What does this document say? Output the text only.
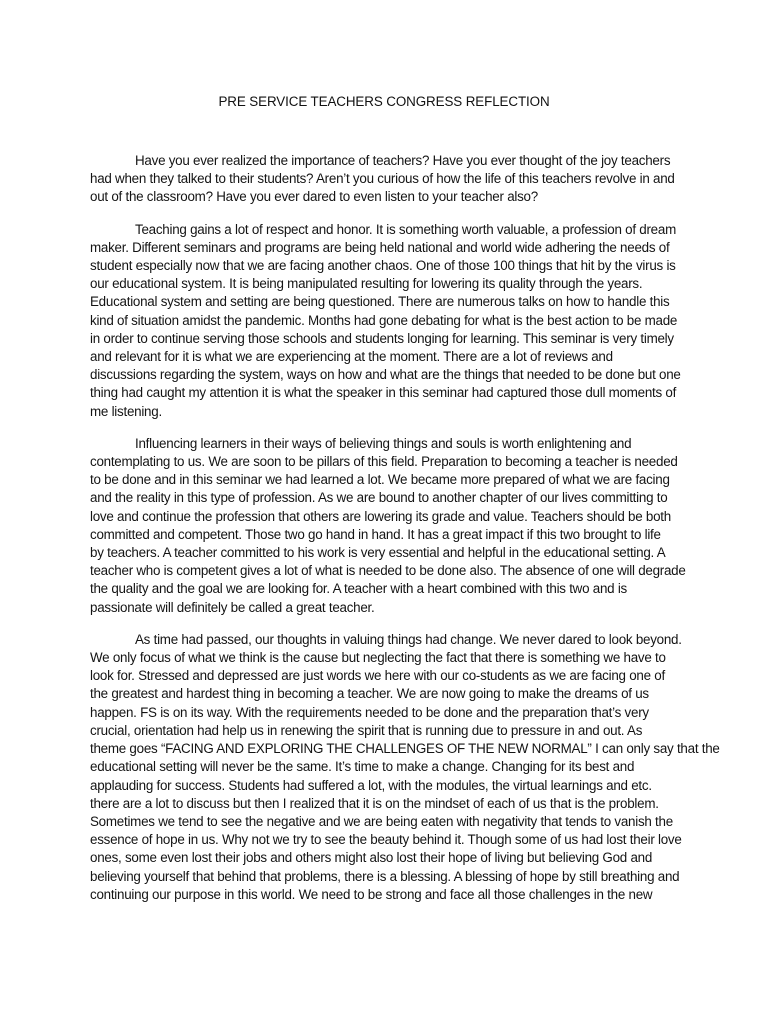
PRE SERVICE TEACHERS CONGRESS REFLECTION

Have you ever realized the importance of teachers? Have you ever thought of the joy teachers
had when they talked to their students? Aren’t you curious of how the life of this teachers revolve in and
out of the classroom? Have you ever dared to even listen to your teacher also?

Teaching gains a lot of respect and honor. It is something worth valuable, a profession of dream
maker. Different seminars and programs are being held national and world wide adhering the needs of
student especially now that we are facing another chaos. One of those 100 things that hit by the virus is
our educational system. It is being manipulated resulting for lowering its quality through the years.
Educational system and setting are being questioned. There are numerous talks on how to handle this
kind of situation amidst the pandemic. Months had gone debating for what is the best action to be made
in order to continue serving those schools and students longing for learning. This seminar is very timely
and relevant for it is what we are experiencing at the moment. There are a lot of reviews and
discussions regarding the system, ways on how and what are the things that needed to be done but one
thing had caught my attention it is what the speaker in this seminar had captured those dull moments of
me listening.

Influencing learners in their ways of believing things and souls is worth enlightening and
contemplating to us. We are soon to be pillars of this field. Preparation to becoming a teacher is needed
to be done and in this seminar we had learned a lot. We became more prepared of what we are facing
and the reality in this type of profession. As we are bound to another chapter of our lives committing to
love and continue the profession that others are lowering its grade and value. Teachers should be both
committed and competent. Those two go hand in hand. It has a great impact if this two brought to life
by teachers. A teacher committed to his work is very essential and helpful in the educational setting. A
teacher who is competent gives a lot of what is needed to be done also. The absence of one will degrade
the quality and the goal we are looking for. A teacher with a heart combined with this two and is
passionate will definitely be called a great teacher.

As time had passed, our thoughts in valuing things had change. We never dared to look beyond.
We only focus of what we think is the cause but neglecting the fact that there is something we have to
look for. Stressed and depressed are just words we here with our co-students as we are facing one of
the greatest and hardest thing in becoming a teacher. We are now going to make the dreams of us
happen. FS is on its way. With the requirements needed to be done and the preparation that’s very
crucial, orientation had help us in renewing the spirit that is running due to pressure in and out. As
theme goes “FACING AND EXPLORING THE CHALLENGES OF THE NEW NORMAL” I can only say that the
educational setting will never be the same. It’s time to make a change. Changing for its best and
applauding for success. Students had suffered a lot, with the modules, the virtual learnings and etc.
there are a lot to discuss but then I realized that it is on the mindset of each of us that is the problem.
Sometimes we tend to see the negative and we are being eaten with negativity that tends to vanish the
essence of hope in us. Why not we try to see the beauty behind it. Though some of us had lost their love
ones, some even lost their jobs and others might also lost their hope of living but believing God and
believing yourself that behind that problems, there is a blessing. A blessing of hope by still breathing and
continuing our purpose in this world. We need to be strong and face all those challenges in the new
